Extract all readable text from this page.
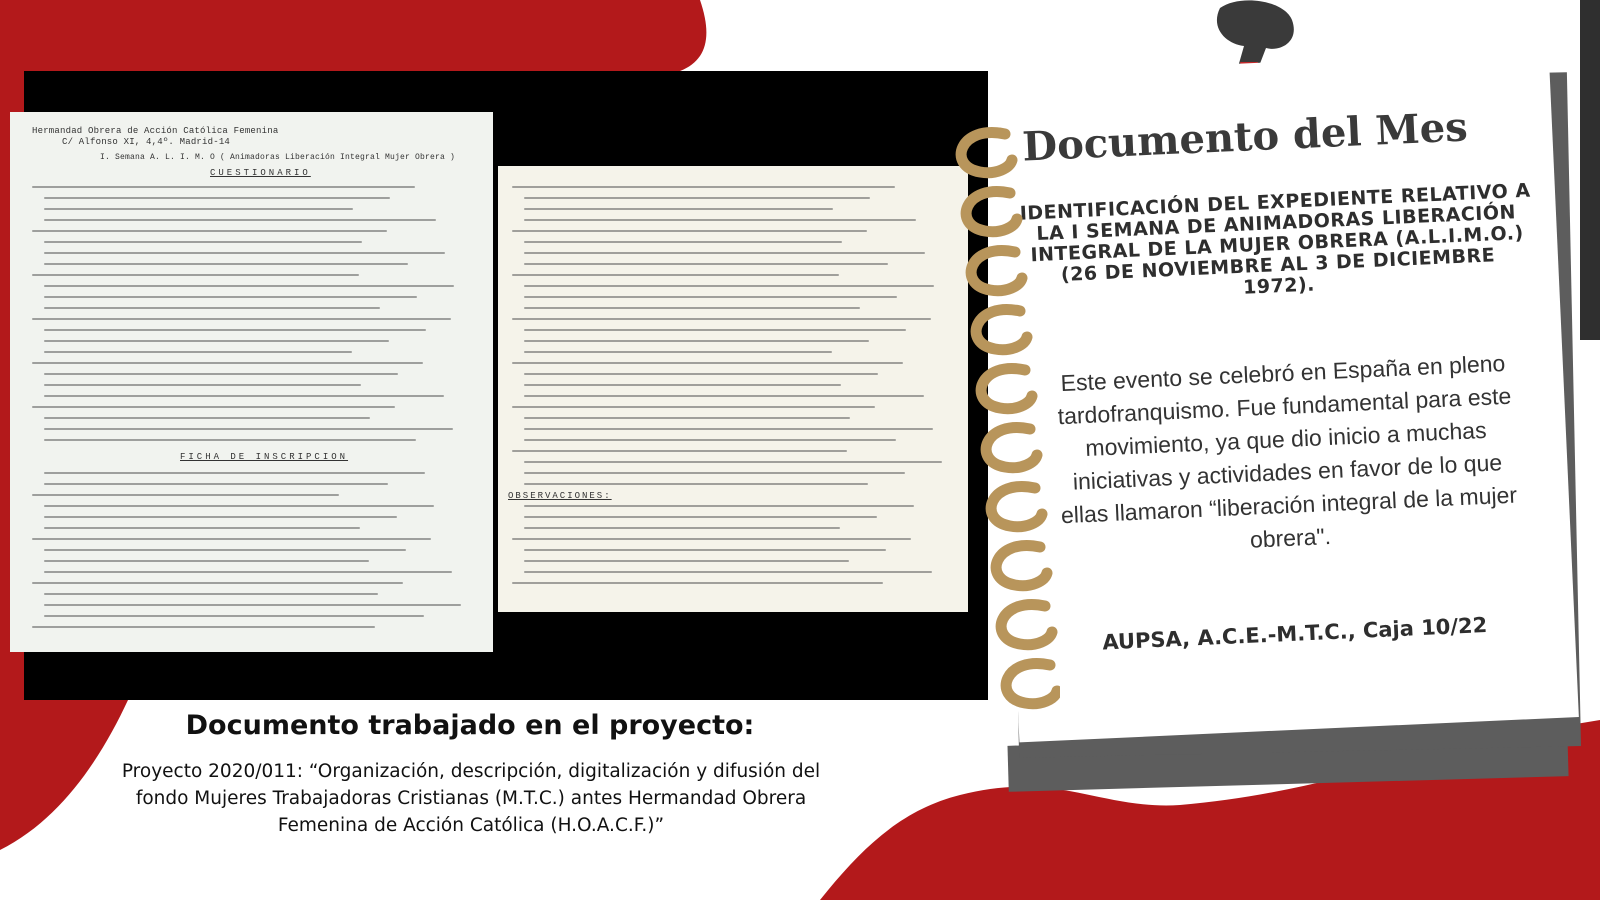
Hermandad Obrera de Acción Católica Femenina
C/ Alfonso XI, 4,4º. Madrid-14
I. Semana A. L. I. M. O ( Animadoras Liberación Integral Mujer Obrera )
CUESTIONARIO
FICHA DE INSCRIPCION
OBSERVACIONES:
Documento del Mes

IDENTIFICACIÓN DEL EXPEDIENTE RELATIVO A LA I SEMANA DE ANIMADORAS LIBERACIÓN INTEGRAL DE LA MUJER OBRERA (A.L.I.M.O.) (26 DE NOVIEMBRE AL 3 DE DICIEMBRE 1972).

Este evento se celebró en España en pleno tardofranquismo. Fue fundamental para este movimiento, ya que dio inicio a muchas iniciativas y actividades en favor de lo que ellas llamaron “liberación integral de la mujer obrera".

AUPSA, A.C.E.-M.T.C., Caja 10/22

Documento trabajado en el proyecto:

Proyecto 2020/011: “Organización, descripción, digitalización y difusión del fondo Mujeres Trabajadoras Cristianas (M.T.C.) antes Hermandad Obrera Femenina de Acción Católica (H.O.A.C.F.)”
